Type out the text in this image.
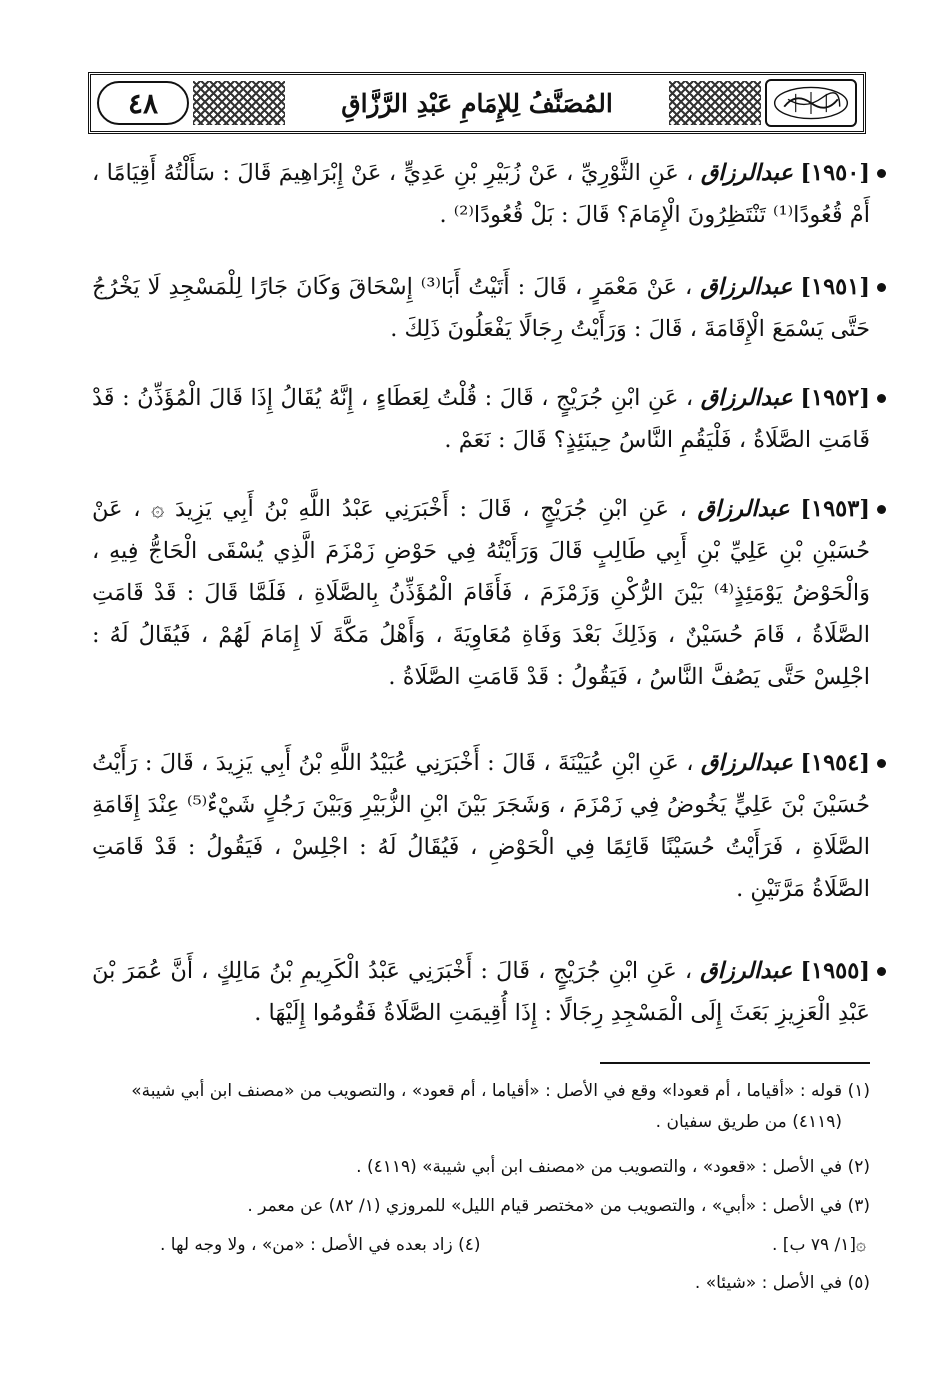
٤٨	المُصَنَّفُ لِلإِمَامِ عَبْدِ الرَّزَّاقِ
[١٩٥٠] عبدالرزاق ، عَنِ الثَّوْرِيِّ ، عَنْ زُبَيْرِ بْنِ عَدِيٍّ ، عَنْ إِبْرَاهِيمَ قَالَ : سَأَلْتُهُ أَقِيَامًا ، أَمْ قُعُودًا⁽¹⁾ تَنْتَظِرُونَ الْإِمَامَ؟ قَالَ : بَلْ قُعُودًا⁽²⁾ .
[١٩٥١] عبدالرزاق ، عَنْ مَعْمَرٍ ، قَالَ : أَتَيْتُ أَبَا⁽³⁾ إِسْحَاقَ وَكَانَ جَارًا لِلْمَسْجِدِ لَا يَخْرُجُ حَتَّى يَسْمَعَ الْإِقَامَةَ ، قَالَ : وَرَأَيْتُ رِجَالًا يَفْعَلُونَ ذَلِكَ .
[١٩٥٢] عبدالرزاق ، عَنِ ابْنِ جُرَيْجٍ ، قَالَ : قُلْتُ لِعَطَاءٍ ، إِنَّهُ يُقَالُ إِذَا قَالَ الْمُؤَذِّنُ : قَدْ قَامَتِ الصَّلَاةُ ، فَلْيَقُمِ النَّاسُ حِينَئِذٍ؟ قَالَ : نَعَمْ .
[١٩٥٣] عبدالرزاق ، عَنِ ابْنِ جُرَيْجٍ ، قَالَ : أَخْبَرَنِي عَبْدُ اللَّهِ بْنُ أَبِي يَزِيدَ ۞ ، عَنْ حُسَيْنِ بْنِ عَلِيِّ بْنِ أَبِي طَالِبٍ قَالَ وَرَأَيْتُهُ فِي حَوْضِ زَمْزَمَ الَّذِي يُسْقَى الْحَاجُّ فِيهِ ، وَالْحَوْضُ يَوْمَئِذٍ⁽⁴⁾ بَيْنَ الرُّكْنِ وَزَمْزَمَ ، فَأَقَامَ الْمُؤَذِّنُ بِالصَّلَاةِ ، فَلَمَّا قَالَ : قَدْ قَامَتِ الصَّلَاةُ ، قَامَ حُسَيْنٌ ، وَذَلِكَ بَعْدَ وَفَاةِ مُعَاوِيَةَ ، وَأَهْلُ مَكَّةَ لَا إِمَامَ لَهُمْ ، فَيُقَالُ لَهُ : اجْلِسْ حَتَّى يَصُفَّ النَّاسُ ، فَيَقُولُ : قَدْ قَامَتِ الصَّلَاةُ .
[١٩٥٤] عبدالرزاق ، عَنِ ابْنِ عُيَيْنَةَ ، قَالَ : أَخْبَرَنِي عُبَيْدُ اللَّهِ بْنُ أَبِي يَزِيدَ ، قَالَ : رَأَيْتُ حُسَيْنَ بْنَ عَلِيٍّ يَخُوضُ فِي زَمْزَمَ ، وَشَجَرَ بَيْنَ ابْنِ الزُّبَيْرِ وَبَيْنَ رَجُلٍ شَيْءٌ⁽⁵⁾ عِنْدَ إِقَامَةِ الصَّلَاةِ ، فَرَأَيْتُ حُسَيْنًا قَائِمًا فِي الْحَوْضِ ، فَيُقَالُ لَهُ : اجْلِسْ ، فَيَقُولُ : قَدْ قَامَتِ الصَّلَاةُ مَرَّتَيْنِ .
[١٩٥٥] عبدالرزاق ، عَنِ ابْنِ جُرَيْجٍ ، قَالَ : أَخْبَرَنِي عَبْدُ الْكَرِيمِ بْنُ مَالِكٍ ، أَنَّ عُمَرَ بْنَ عَبْدِ الْعَزِيزِ بَعَثَ إِلَى الْمَسْجِدِ رِجَالًا : إِذَا أُقِيمَتِ الصَّلَاةُ فَقُومُوا إِلَيْهَا .
(١) قوله : «أقياما ، أم قعودا» وقع في الأصل : «أقياما ، أم قعود» ، والتصويب من «مصنف ابن أبي شيبة»
(٤١١٩) من طريق سفيان .
(٢) في الأصل : «قعود» ، والتصويب من «مصنف ابن أبي شيبة» (٤١١٩) .
(٣) في الأصل : «أبي» ، والتصويب من «مختصر قيام الليل» للمروزي (١/ ٨٢) عن معمر .
۞[١/ ٧٩ ب] .
(٤) زاد بعده في الأصل : «من» ، ولا وجه لها .
(٥) في الأصل : «شيئا» .
